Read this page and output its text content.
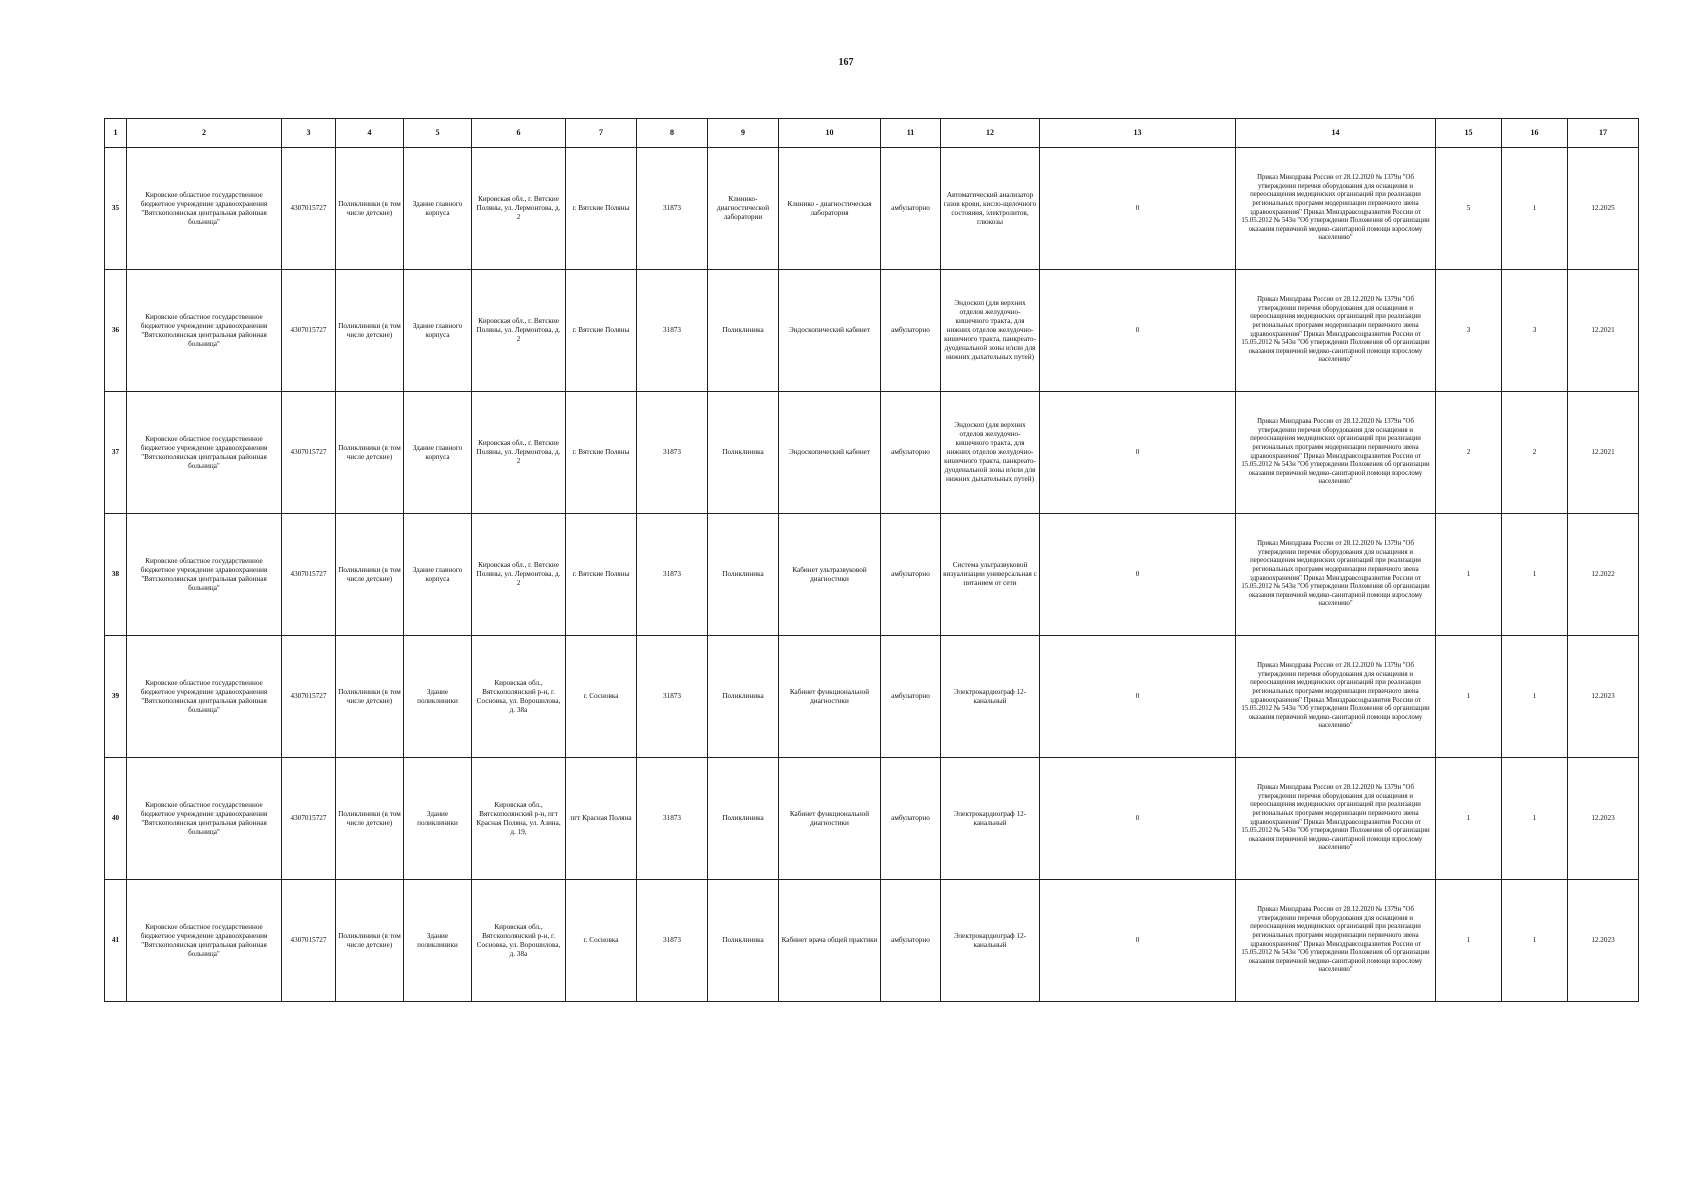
167
1	2	3	4	5	6	7	8	9	10	11	12	13	14	15	16	17
35	Кировское областное государственное бюджетное учреждение здравоохранения "Вятскополянская центральная районная больница"	4307015727	Поликлиники (в том числе детские)	Здание главного корпуса	Кировская обл., г. Вятские Поляны, ул. Лермонтова, д. 2	г. Вятские Поляны	31873	Клинико-диагностической лаборатории	Клинико - диагностическая лаборатория	амбулаторно	Автоматический анализатор газов крови, кисло-щелочного состояния, электролитов, глюкозы	0	Приказ Минздрава России от 28.12.2020 № 1379н "Об утверждении перечня оборудования для оснащения и переоснащения медицинских организаций при реализации региональных программ модернизации первичного звена здравоохранения" Приказ Минздравсоцразвития России от 15.05.2012 № 543н "Об утверждении Положения об организации оказания первичной медико-санитарной помощи взрослому населению"	5	1	12.2025
36	Кировское областное государственное бюджетное учреждение здравоохранения "Вятскополянская центральная районная больница"	4307015727	Поликлиники (в том числе детские)	Здание главного корпуса	Кировская обл., г. Вятские Поляны, ул. Лермонтова, д. 2	г. Вятские Поляны	31873	Поликлиника	Эндоскопический кабинет	амбулаторно	Эндоскоп (для верхних отделов желудочно-кишечного тракта, для нижних отделов желудочно-кишечного тракта, панкреато-дуоденальной зоны и/или для нижних дыхательных путей)	0	Приказ Минздрава России от 28.12.2020 № 1379н "Об утверждении перечня оборудования для оснащения и переоснащения медицинских организаций при реализации региональных программ модернизации первичного звена здравоохранения" Приказ Минздравсоцразвития России от 15.05.2012 № 543н "Об утверждении Положения об организации оказания первичной медико-санитарной помощи взрослому населению"	3	3	12.2021
37	Кировское областное государственное бюджетное учреждение здравоохранения "Вятскополянская центральная районная больница"	4307015727	Поликлиники (в том числе детские)	Здание главного корпуса	Кировская обл., г. Вятские Поляны, ул. Лермонтова, д. 2	г. Вятские Поляны	31873	Поликлиника	Эндоскопический кабинет	амбулаторно	Эндоскоп (для верхних отделов желудочно-кишечного тракта, для нижних отделов желудочно-кишечного тракта, панкреато-дуоденальной зоны и/или для нижних дыхательных путей)	0	Приказ Минздрава России от 28.12.2020 № 1379н "Об утверждении перечня оборудования для оснащения и переоснащения медицинских организаций при реализации региональных программ модернизации первичного звена здравоохранения" Приказ Минздравсоцразвития России от 15.05.2012 № 543н "Об утверждении Положения об организации оказания первичной медико-санитарной помощи взрослому населению"	2	2	12.2021
38	Кировское областное государственное бюджетное учреждение здравоохранения "Вятскополянская центральная районная больница"	4307015727	Поликлиники (в том числе детские)	Здание главного корпуса	Кировская обл., г. Вятские Поляны, ул. Лермонтова, д. 2	г. Вятские Поляны	31873	Поликлиника	Кабинет ультразвуковой диагностики	амбулаторно	Система ультразвуковой визуализации универсальная с питанием от сети	0	Приказ Минздрава России от 28.12.2020 № 1379н "Об утверждении перечня оборудования для оснащения и переоснащения медицинских организаций при реализации региональных программ модернизации первичного звена здравоохранения" Приказ Минздравсоцразвития России от 15.05.2012 № 543н "Об утверждении Положения об организации оказания первичной медико-санитарной помощи взрослому населению"	1	1	12.2022
39	Кировское областное государственное бюджетное учреждение здравоохранения "Вятскополянская центральная районная больница"	4307015727	Поликлиники (в том числе детские)	Здание поликлиники	Кировская обл., Вятскополянский р-н, г. Сосновка, ул. Ворошилова, д. 38а	г. Сосновка	31873	Поликлиника	Кабинет функциональной диагностики	амбулаторно	Электрокардиограф 12-канальный	0	Приказ Минздрава России от 28.12.2020 № 1379н "Об утверждении перечня оборудования для оснащения и переоснащения медицинских организаций при реализации региональных программ модернизации первичного звена здравоохранения" Приказ Минздравсоцразвития России от 15.05.2012 № 543н "Об утверждении Положения об организации оказания первичной медико-санитарной помощи взрослому населению"	1	1	12.2023
40	Кировское областное государственное бюджетное учреждение здравоохранения "Вятскополянская центральная районная больница"	4307015727	Поликлиники (в том числе детские)	Здание поликлиники	Кировская обл., Вятскополянский р-н, пгт Красная Поляна, ул. Азина, д. 19,	пгт Красная Поляна	31873	Поликлиника	Кабинет функциональной диагностики	амбулаторно	Электрокардиограф 12-канальный	0	Приказ Минздрава России от 28.12.2020 № 1379н "Об утверждении перечня оборудования для оснащения и переоснащения медицинских организаций при реализации региональных программ модернизации первичного звена здравоохранения" Приказ Минздравсоцразвития России от 15.05.2012 № 543н "Об утверждении Положения об организации оказания первичной медико-санитарной помощи взрослому населению"	1	1	12.2023
41	Кировское областное государственное бюджетное учреждение здравоохранения "Вятскополянская центральная районная больница"	4307015727	Поликлиники (в том числе детские)	Здание поликлиники	Кировская обл., Вятскополянский р-н, г. Сосновка, ул. Ворошилова, д. 38а	г. Сосновка	31873	Поликлиника	Кабинет врача общей практики	амбулаторно	Электрокардиограф 12-канальный	0	Приказ Минздрава России от 28.12.2020 № 1379н "Об утверждении перечня оборудования для оснащения и переоснащения медицинских организаций при реализации региональных программ модернизации первичного звена здравоохранения" Приказ Минздравсоцразвития России от 15.05.2012 № 543н "Об утверждении Положения об организации оказания первичной медико-санитарной помощи взрослому населению"	1	1	12.2023
